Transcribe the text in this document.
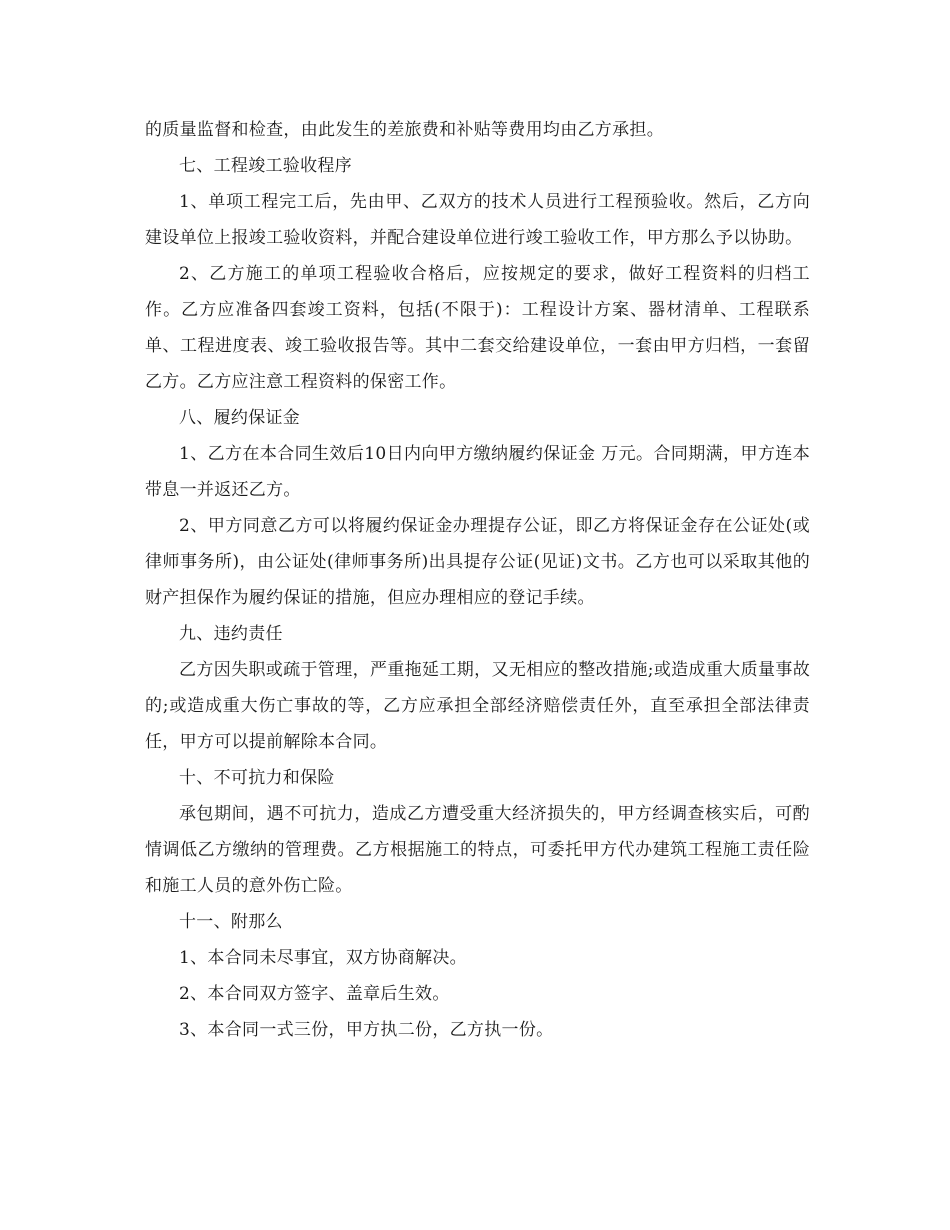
的质量监督和检查，由此发生的差旅费和补贴等费用均由乙方承担。

七、工程竣工验收程序

1、单项工程完工后，先由甲、乙双方的技术人员进行工程预验收。然后，乙方向建设单位上报竣工验收资料，并配合建设单位进行竣工验收工作，甲方那么予以协助。

2、乙方施工的单项工程验收合格后，应按规定的要求，做好工程资料的归档工作。乙方应准备四套竣工资料，包括(不限于)：工程设计方案、器材清单、工程联系单、工程进度表、竣工验收报告等。其中二套交给建设单位，一套由甲方归档，一套留乙方。乙方应注意工程资料的保密工作。

八、履约保证金

1、乙方在本合同生效后10日内向甲方缴纳履约保证金 万元。合同期满，甲方连本带息一并返还乙方。

2、甲方同意乙方可以将履约保证金办理提存公证，即乙方将保证金存在公证处(或律师事务所)，由公证处(律师事务所)出具提存公证(见证)文书。乙方也可以采取其他的财产担保作为履约保证的措施，但应办理相应的登记手续。

九、违约责任

乙方因失职或疏于管理，严重拖延工期，又无相应的整改措施;或造成重大质量事故的;或造成重大伤亡事故的等，乙方应承担全部经济赔偿责任外，直至承担全部法律责任，甲方可以提前解除本合同。

十、不可抗力和保险

承包期间，遇不可抗力，造成乙方遭受重大经济损失的，甲方经调查核实后，可酌情调低乙方缴纳的管理费。乙方根据施工的特点，可委托甲方代办建筑工程施工责任险和施工人员的意外伤亡险。

十一、附那么

1、本合同未尽事宜，双方协商解决。

2、本合同双方签字、盖章后生效。

3、本合同一式三份，甲方执二份，乙方执一份。
